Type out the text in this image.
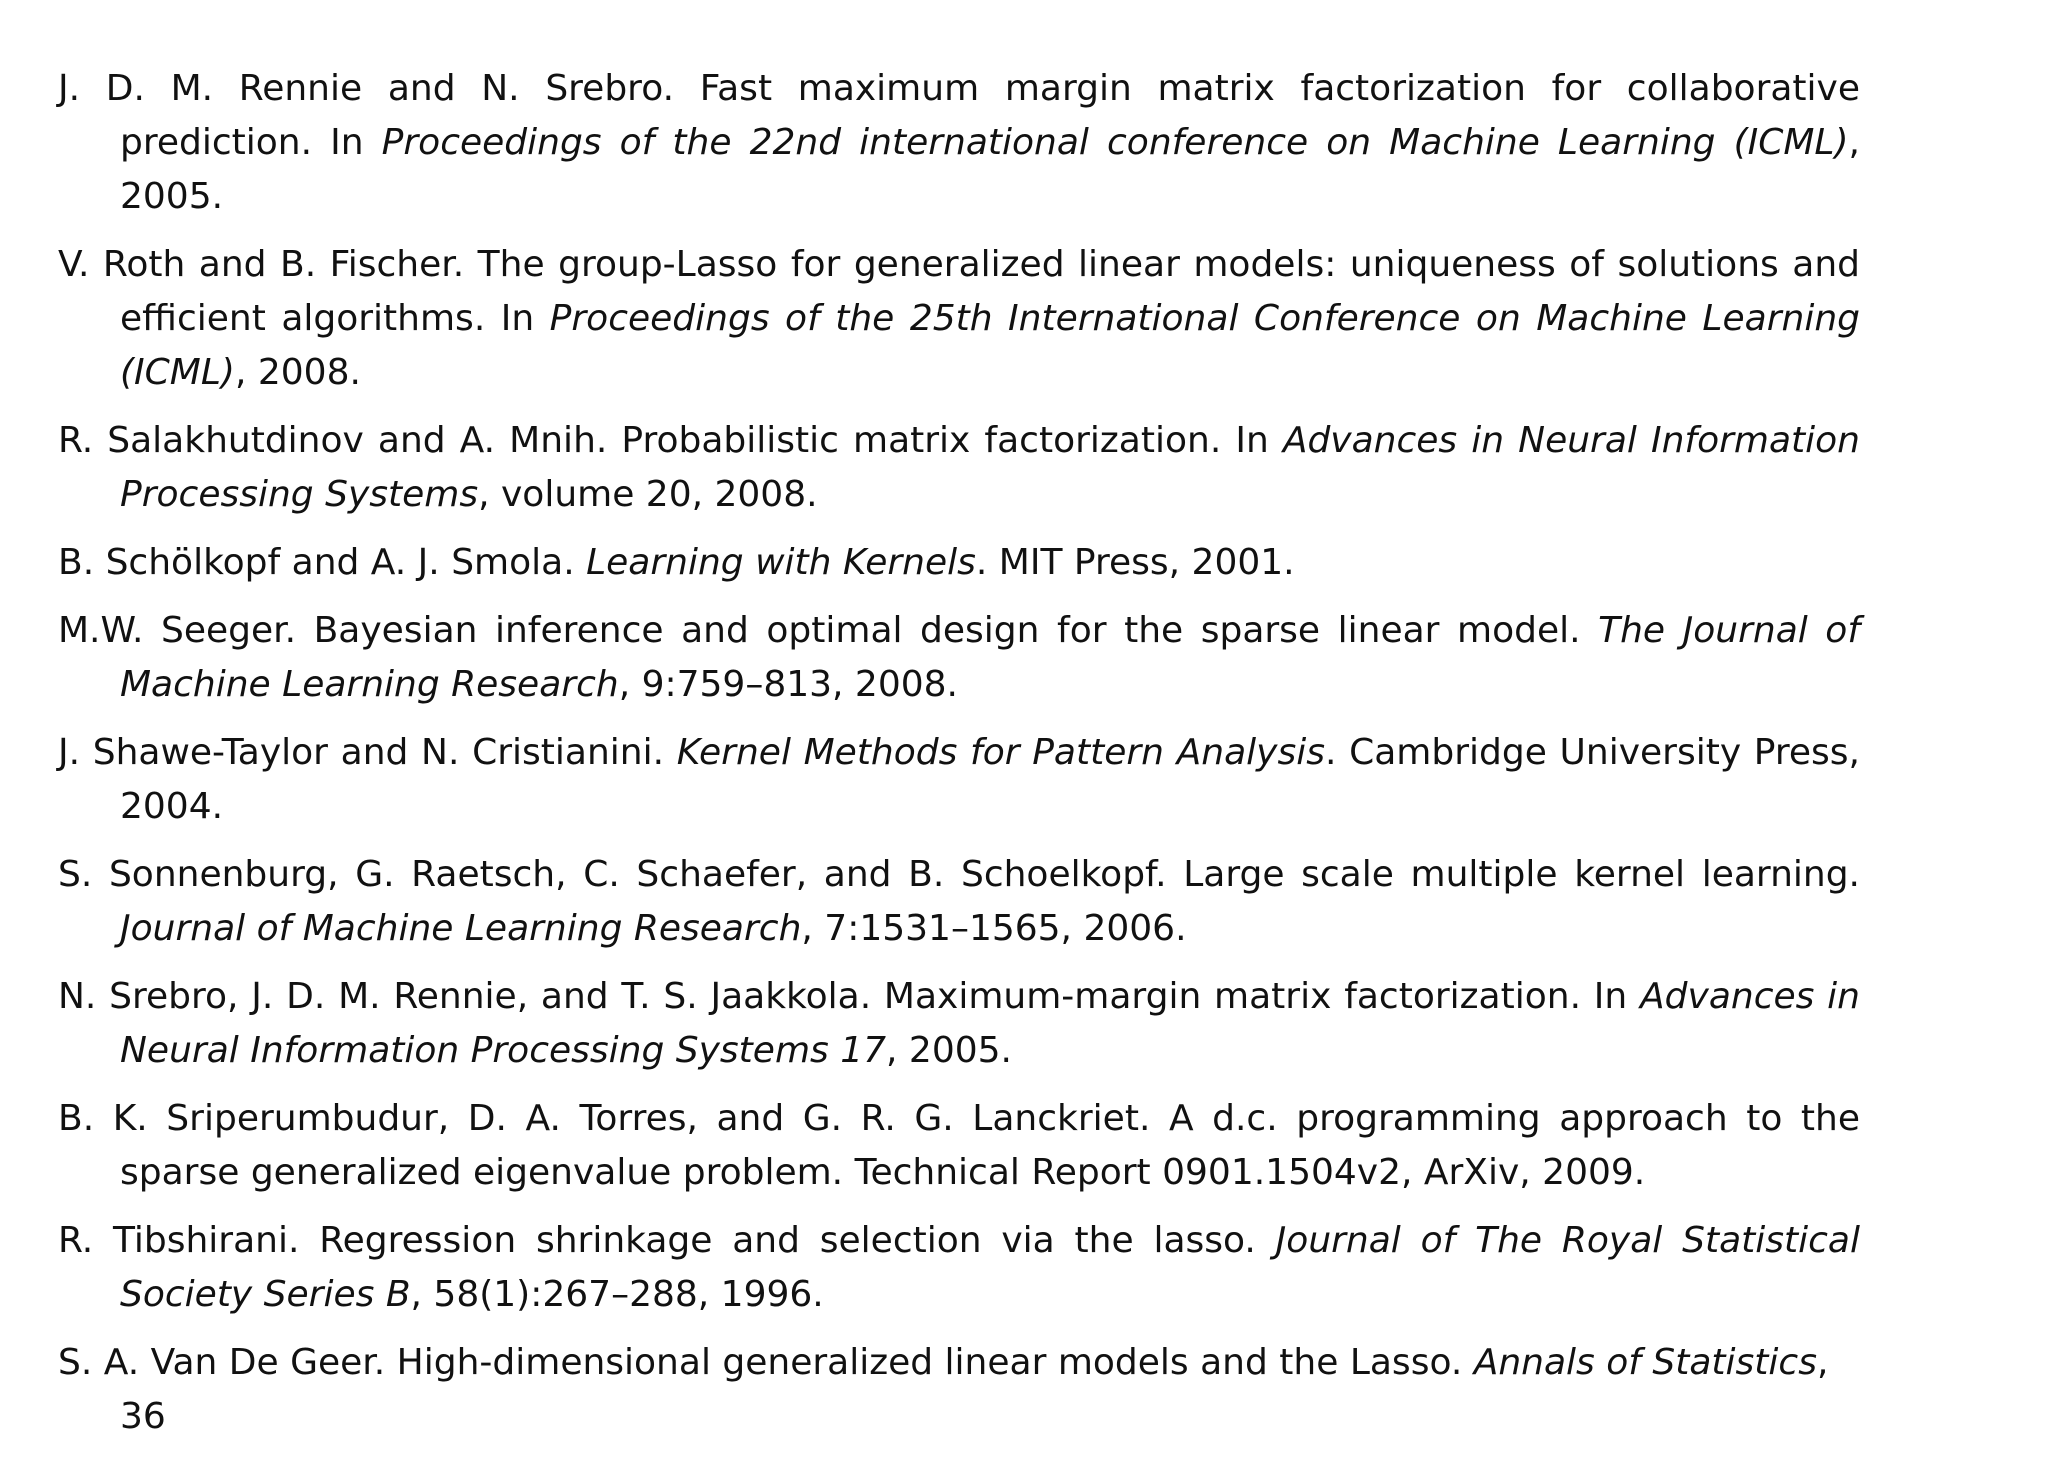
J. D. M. Rennie and N. Srebro. Fast maximum margin matrix factorization for collaborative prediction. In Proceedings of the 22nd international conference on Machine Learning (ICML), 2005.

V. Roth and B. Fischer. The group-Lasso for generalized linear models: uniqueness of solutions and efficient algorithms. In Proceedings of the 25th International Conference on Machine Learning (ICML), 2008.

R. Salakhutdinov and A. Mnih. Probabilistic matrix factorization. In Advances in Neural Information Processing Systems, volume 20, 2008.

B. Schölkopf and A. J. Smola. Learning with Kernels. MIT Press, 2001.

M.W. Seeger. Bayesian inference and optimal design for the sparse linear model. The Journal of Machine Learning Research, 9:759–813, 2008.

J. Shawe-Taylor and N. Cristianini. Kernel Methods for Pattern Analysis. Cambridge University Press, 2004.

S. Sonnenburg, G. Raetsch, C. Schaefer, and B. Schoelkopf. Large scale multiple kernel learning. Journal of Machine Learning Research, 7:1531–1565, 2006.

N. Srebro, J. D. M. Rennie, and T. S. Jaakkola. Maximum-margin matrix factorization. In Advances in Neural Information Processing Systems 17, 2005.

B. K. Sriperumbudur, D. A. Torres, and G. R. G. Lanckriet. A d.c. programming approach to the sparse generalized eigenvalue problem. Technical Report 0901.1504v2, ArXiv, 2009.

R. Tibshirani. Regression shrinkage and selection via the lasso. Journal of The Royal Statistical Society Series B, 58(1):267–288, 1996.

S. A. Van De Geer. High-dimensional generalized linear models and the Lasso. Annals of Statistics, 36
